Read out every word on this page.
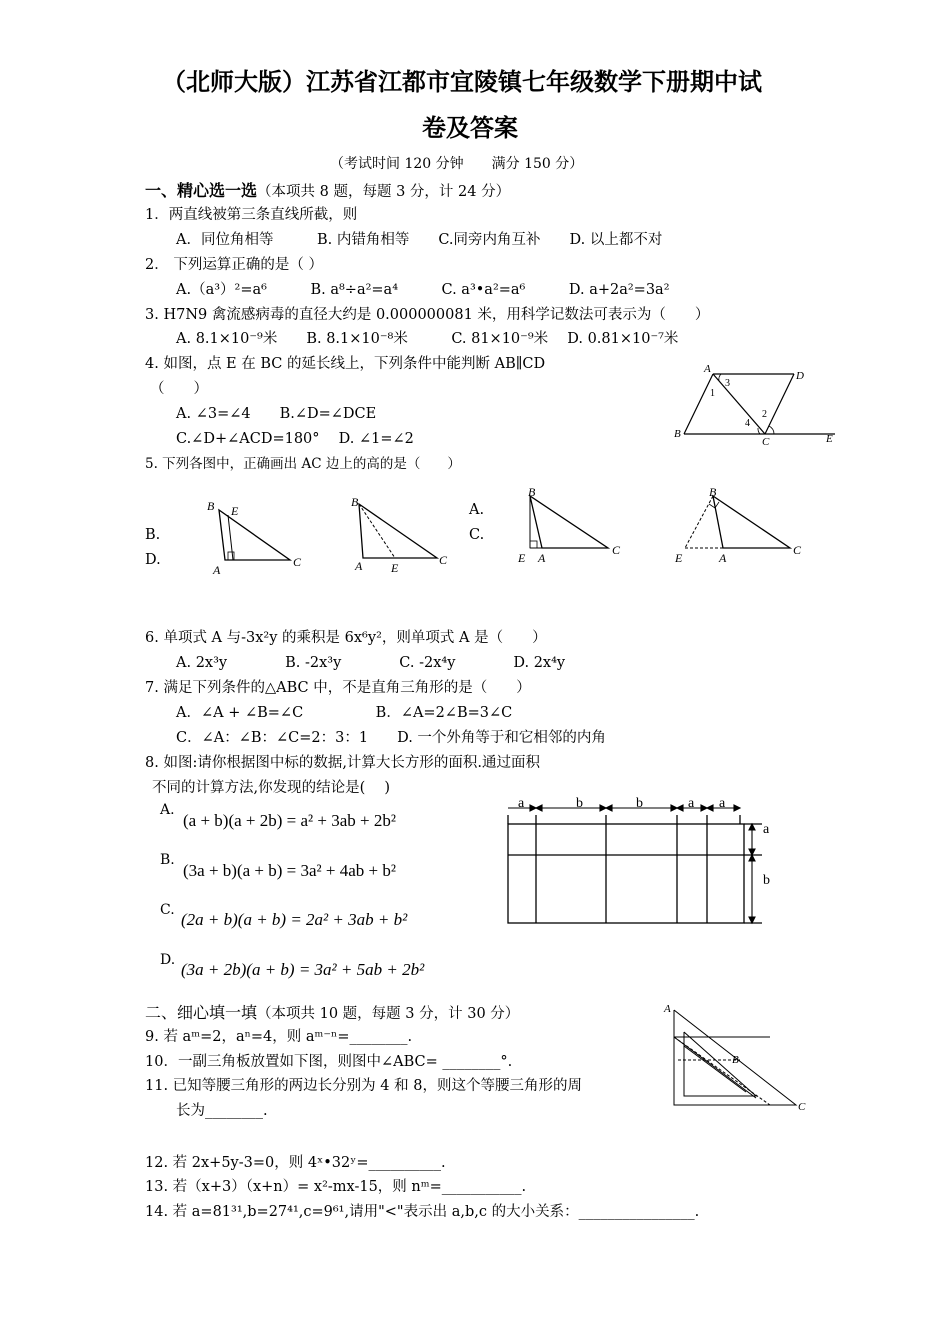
（北师大版）江苏省江都市宜陵镇七年级数学下册期中试
卷及答案
（考试时间 120 分钟　　满分 150 分）
一、精心选一选（本项共 8 题，每题 3 分，计 24 分）
1．两直线被第三条直线所截，则
A．同位角相等　　　B. 内错角相等　　C.同旁内角互补　　D. 以上都不对
2． 下列运算正确的是（ ）
A.（a³）²=a⁶　　　B. a⁸÷a²=a⁴　　　C. a³•a²=a⁶　　　D. a+2a²=3a²
3. H7N9 禽流感病毒的直径大约是 0.000000081 米，用科学记数法可表示为（　　）
A. 8.1×10⁻⁹米　　B. 8.1×10⁻⁸米　　　C. 81×10⁻⁹米　 D. 0.81×10⁻⁷米
4. 如图，点 E 在 BC 的延长线上，下列条件中能判断 AB∥CD
（　　）
A. ∠3=∠4　　B.∠D=∠DCE
C.∠D+∠ACD=180°　 D. ∠1=∠2
A
D
B
C	E
1
3
4
2
5. 下列各图中，正确画出 AC 边上的高的是（　　）
B.
D.
A.
C.
B E
A
C
B
A E
C
B
E A
C
B
E	A
C
6. 单项式 A 与-3x²y 的乘积是 6x⁶y²，则单项式 A 是（　　）
A. 2x³y　　　　B. -2x³y　　　　C. -2x⁴y　　　　D. 2x⁴y
7. 满足下列条件的△ABC 中，不是直角三角形的是（　　）
A．∠A + ∠B=∠C　　　　　B．∠A=2∠B=3∠C
C．∠A：∠B：∠C=2：3：1　　D. 一个外角等于和它相邻的内角
8. 如图:请你根据图中标的数据,计算大长方形的面积.通过面积
不同的计算方法,你发现的结论是(　 )
A.
(a + b)(a + 2b) = a² + 3ab + 2b²
B.
(3a + b)(a + b) = 3a² + 4ab + b²
C. (2a + b)(a + b) = 2a² + 3ab + b²
D. (3a + 2b)(a + b) = 3a² + 5ab + 2b²
a	b	b	a a
a
b
二、细心填一填（本项共 10 题，每题 3 分，计 30 分）
9. 若 aᵐ=2，aⁿ=4，则 aᵐ⁻ⁿ=________.
10．一副三角板放置如下图，则图中∠ABC= ________°.
11. 已知等腰三角形的两边长分别为 4 和 8，则这个等腰三角形的周
长为________.
A
B
C
12. 若 2x+5y-3=0，则 4ˣ•32ʸ=__________.
13. 若（x+3）（x+n）= x²-mx-15，则 nᵐ=___________.
14. 若 a=81³¹,b=27⁴¹,c=9⁶¹,请用"<"表示出 a,b,c 的大小关系：________________.
